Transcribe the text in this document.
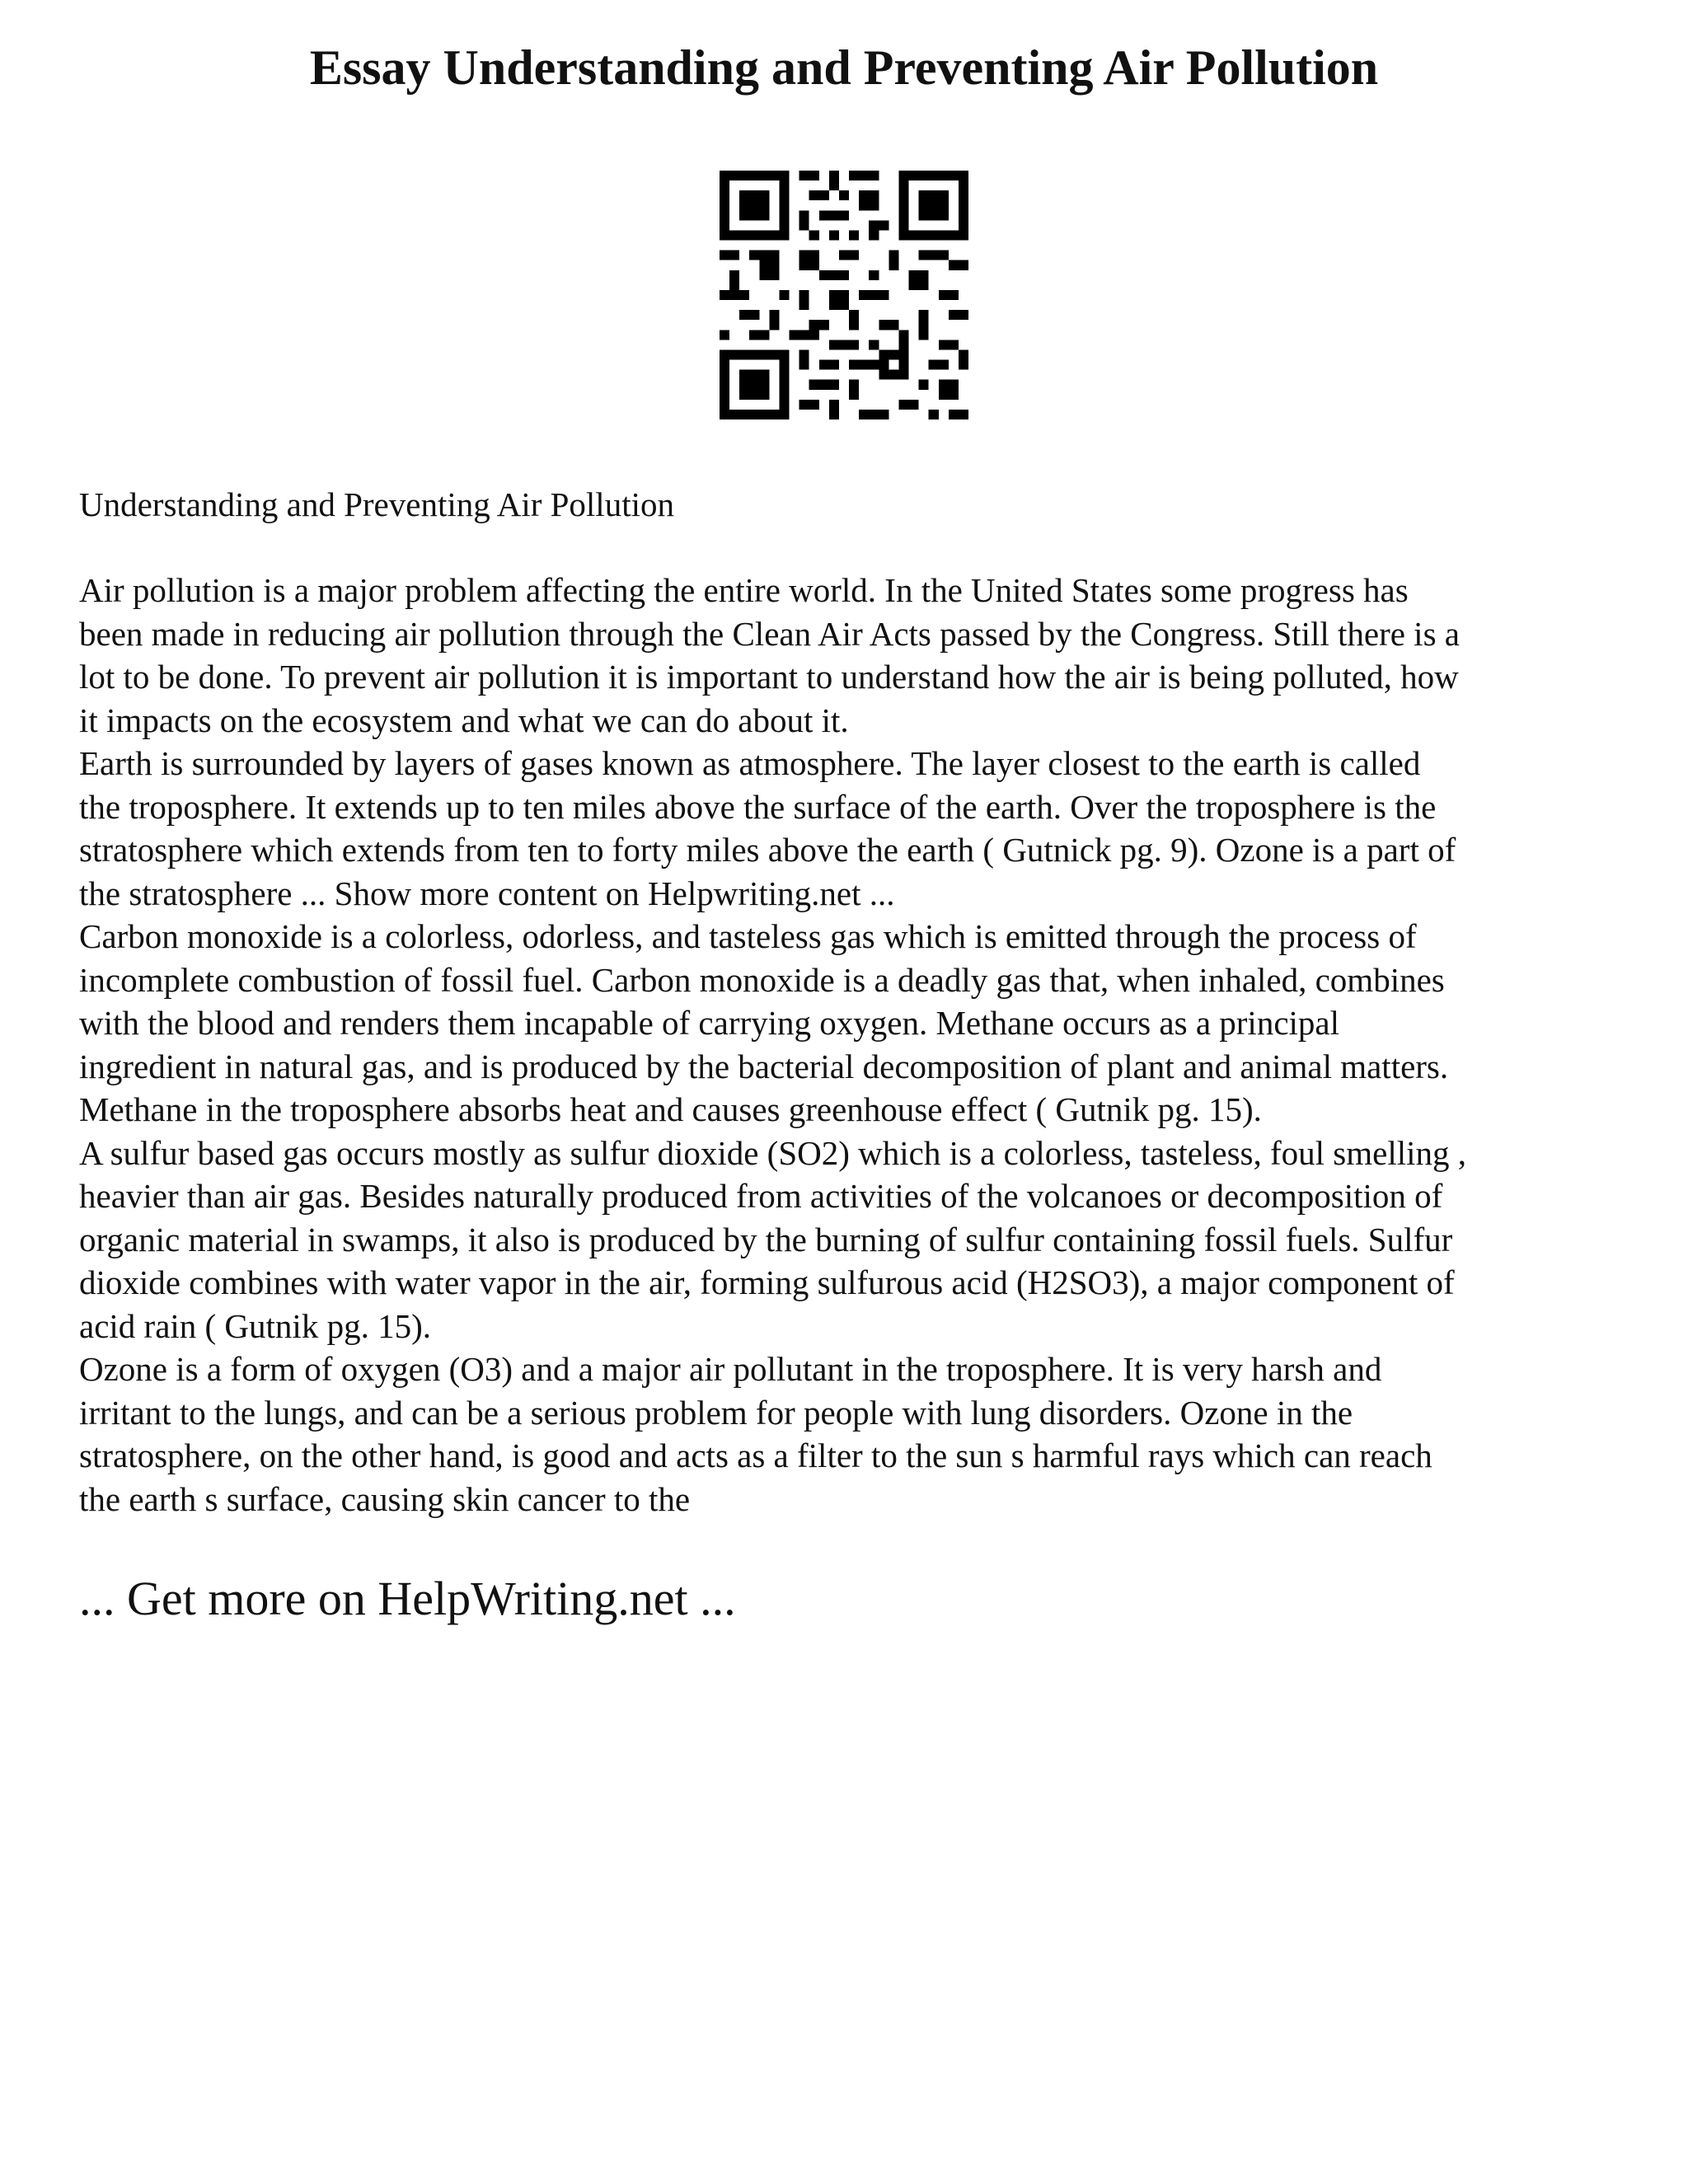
Essay Understanding and Preventing Air Pollution

Understanding and Preventing Air Pollution

Air pollution is a major problem affecting the entire world. In the United States some progress has
been made in reducing air pollution through the Clean Air Acts passed by the Congress. Still there is a
lot to be done. To prevent air pollution it is important to understand how the air is being polluted, how
it impacts on the ecosystem and what we can do about it.

Earth is surrounded by layers of gases known as atmosphere. The layer closest to the earth is called
the troposphere. It extends up to ten miles above the surface of the earth. Over the troposphere is the
stratosphere which extends from ten to forty miles above the earth ( Gutnick pg. 9). Ozone is a part of
the stratosphere ... Show more content on Helpwriting.net ...

Carbon monoxide is a colorless, odorless, and tasteless gas which is emitted through the process of
incomplete combustion of fossil fuel. Carbon monoxide is a deadly gas that, when inhaled, combines
with the blood and renders them incapable of carrying oxygen. Methane occurs as a principal
ingredient in natural gas, and is produced by the bacterial decomposition of plant and animal matters.
Methane in the troposphere absorbs heat and causes greenhouse effect ( Gutnik pg. 15).

A sulfur based gas occurs mostly as sulfur dioxide (SO2) which is a colorless, tasteless, foul smelling ,
heavier than air gas. Besides naturally produced from activities of the volcanoes or decomposition of
organic material in swamps, it also is produced by the burning of sulfur containing fossil fuels. Sulfur
dioxide combines with water vapor in the air, forming sulfurous acid (H2SO3), a major component of
acid rain ( Gutnik pg. 15).

Ozone is a form of oxygen (O3) and a major air pollutant in the troposphere. It is very harsh and
irritant to the lungs, and can be a serious problem for people with lung disorders. Ozone in the
stratosphere, on the other hand, is good and acts as a filter to the sun s harmful rays which can reach
the earth s surface, causing skin cancer to the

... Get more on HelpWriting.net ...
